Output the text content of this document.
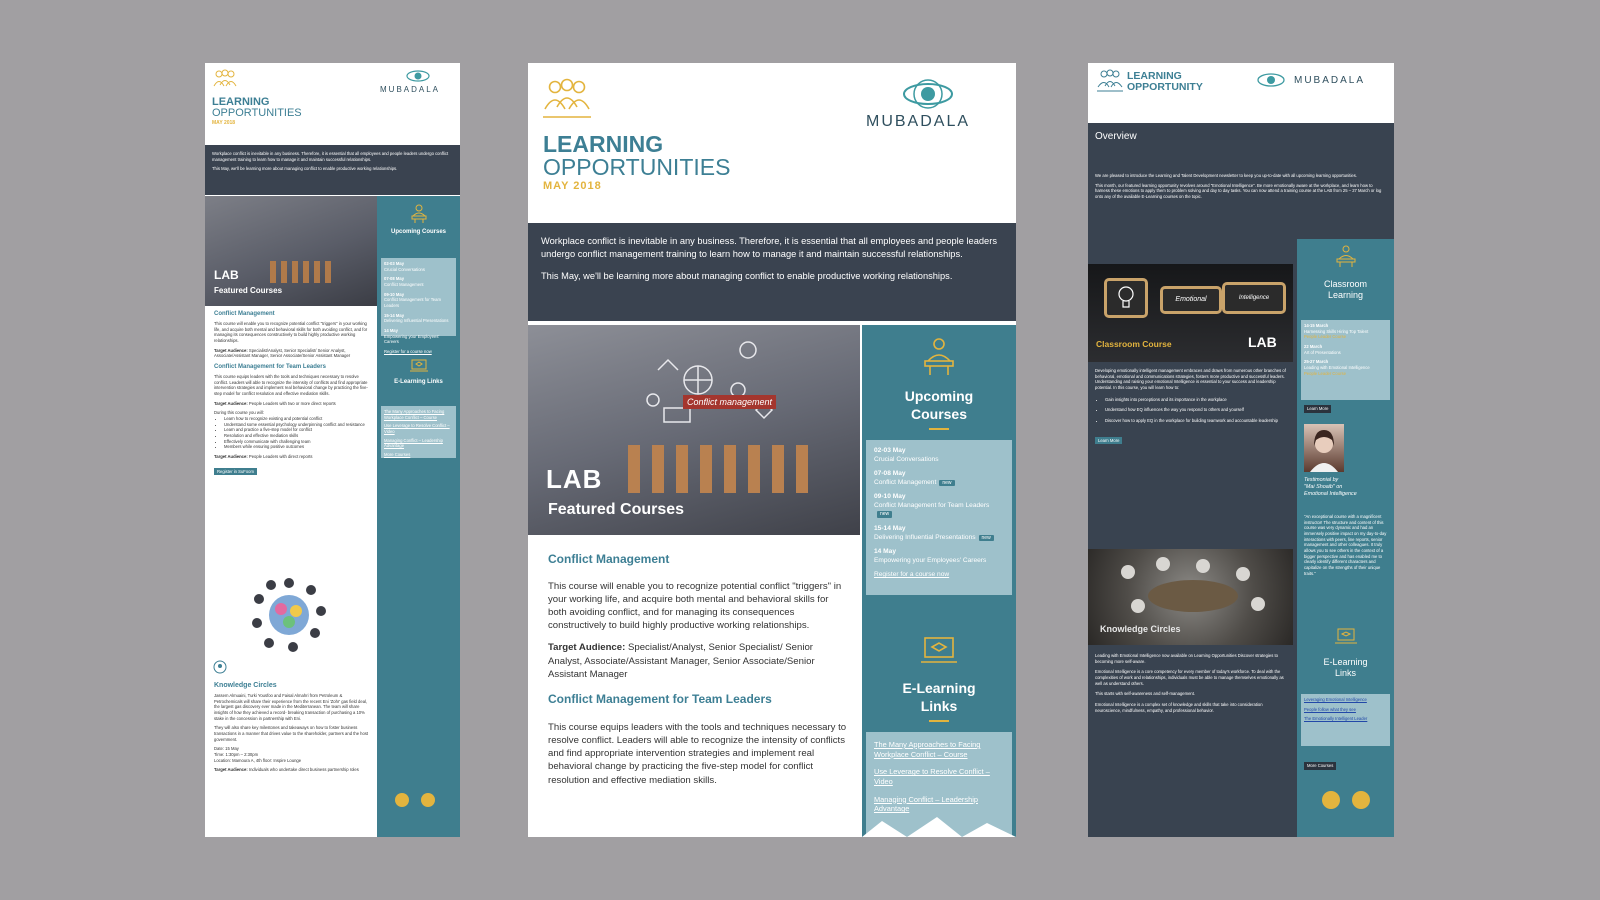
MUBADALA
LEARNING
OPPORTUNITIES
MAY 2018

Workplace conflict is inevitable in any business. Therefore, it is essential that all employees and people leaders undergo conflict management training to learn how to manage it and maintain successful relationships.

This May, we'll be learning more about managing conflict to enable productive working relationships.

LAB
Featured Courses
Conflict Management

This course will enable you to recognize potential conflict "triggers" in your working life, and acquire both mental and behavioral skills for both avoiding conflict, and for managing its consequences constructively to build highly productive working relationships.

Target Audience: Specialist/Analyst, Senior Specialist/ Senior Analyst, Associate/Assistant Manager, Senior Associate/Senior Assistant Manager

Conflict Management for Team Leaders

This course equips leaders with the tools and techniques necessary to resolve conflict. Leaders will able to recognize the intensity of conflicts and find appropriate intervention strategies and implement real behavioral change by practicing the five-step model for conflict resolution and effective mediation skills.

Target Audience: People Leaders with two or more direct reports

During this course you will:

• Learn how to recognize existing and potential conflict
• Understand some essential psychology underpinning conflict and resistance
• Learn and practice a five-step model for conflict
• Resolution and effective mediation skills
• Effectively communicate with challenging team
• Members while ensuring positive outcomes

Target Audience: People Leaders with direct reports

Register in SuFoom
Knowledge Circles

Jassem Almuaini, Turki Yousfoo and Faisal Almahri from Petroleum & Petrochemicals will share their experience from the recent Eni 'Zohr' gas field deal, the largest gas discovery ever made in the Mediterranean. The team will share insights of how they achieved a record- breaking transaction of purchasing a 10% stake in the concession in partnership with Eni.

They will also share key milestones and takeaways on how to foster business transactions in a manner that drives value to the shareholder, partners and the host government.

Date: 15 May

Time: 1:30pm – 2:30pm

Location: Mamoura A, 4th floor: Inspire Lounge

Target Audience: Individuals who undertake direct business partnership roles

Upcoming Courses
02-03 May
Crucial Conversations
07-08 May
Conflict Management
09-10 May
Conflict Management for Team Leaders
15-14 May
Delivering Influential Presentations
14 May
Empowering your Employees' Careers
Register for a course now
E-Learning Links
The Many Approaches to Facing Workplace Conflict – Course
Use Leverage to Resolve Conflict – Video
Managing Conflict – Leadership Advantage
More Courses
MUBADALA
LEARNING
OPPORTUNITIES
MAY 2018

Workplace conflict is inevitable in any business. Therefore, it is essential that all employees and people leaders undergo conflict management training to learn how to manage it and maintain successful relationships.

This May, we'll be learning more about managing conflict to enable productive working relationships.

Conflict management
LAB
Featured Courses
Conflict Management

This course will enable you to recognize potential conflict "triggers" in your working life, and acquire both mental and behavioral skills for both avoiding conflict, and for managing its consequences constructively to build highly productive working relationships.

Target Audience: Specialist/Analyst, Senior Specialist/ Senior Analyst, Associate/Assistant Manager, Senior Associate/Senior Assistant Manager

Conflict Management for Team Leaders

This course equips leaders with the tools and techniques necessary to resolve conflict. Leaders will able to recognize the intensity of conflicts and find appropriate intervention strategies and implement real behavioral change by practicing the five-step model for conflict resolution and effective mediation skills.

Upcoming
Courses
02-03 May
Crucial Conversations
07-08 May
Conflict Management new
09-10 May
Conflict Management for Team Leaders new
15-14 May
Delivering Influential Presentations new
14 May
Empowering your Employees' Careers
Register for a course now
E-Learning
Links
The Many Approaches to Facing Workplace Conflict – Course
Use Leverage to Resolve Conflict – Video
Managing Conflict – Leadership Advantage
LEARNING
OPPORTUNITY
MUBADALA
Overview

We are pleased to introduce the Learning and Talent Development newsletter to keep you up-to-date with all upcoming learning opportunities.

This month, our featured learning opportunity revolves around "Emotional Intelligence". Be more emotionally aware at the workplace, and learn how to harness these emotions to apply them to problem solving and day to day tasks. You can now attend a training course at the LAB from 25 – 27 March or log onto any of the available E-Learning courses on the topic.

Emotional	Intelligence
Classroom Course	LAB

Developing emotionally intelligent management embraces and draws from numerous other branches of behavioral, emotional and communications strategies, fosters more productive and successful leaders. Understanding and raising your emotional Intelligence is essential to your success and leadership potential. In this course, you will learn how to:

• Gain insights into perceptions and its importance in the workplace
• Understand how EQ influences the way you respond to others and yourself
• Discover how to apply EQ in the workplace for building teamwork and accountable leadership
Learn More
Knowledge Circles

Leading with Emotional Intelligence now available on Learning Opportunities Discover strategies to becoming more self-aware.

Emotional Intelligence is a core competency for every member of today's workforce. To deal with the complexities of work and relationships, individuals must be able to manage themselves emotionally as well as understand others.

This starts with self-awareness and self-management.

Emotional Intelligence is a complex set of knowledge and skills that take into consideration neuroscience, mindfulness, empathy, and professional behavior.

Classroom
Learning
14-15 March
Harnessing Skills Hiring Top Talent
People Leader Course
22 March
Art of Presentations
25-27 March
Leading with Emotional Intelligence
People Leader Course
Learn More
Testimonial by
"Mai Shoaib" on
Emotional Intelligence

"An exceptional course with a magnificent instructor! The structure and content of this course was very dynamic and had an immensely positive impact on my day-to-day interactions with peers, line reports, senior management and other colleagues. It truly allows you to see others in the context of a bigger perspective and has enabled me to clearly identify different characters and capitalize on the strengths of their unique traits."

E-Learning
Links
Leveraging Emotional Intelligence
People follow what they see
The Emotionally Intelligent Leader
More Courses
